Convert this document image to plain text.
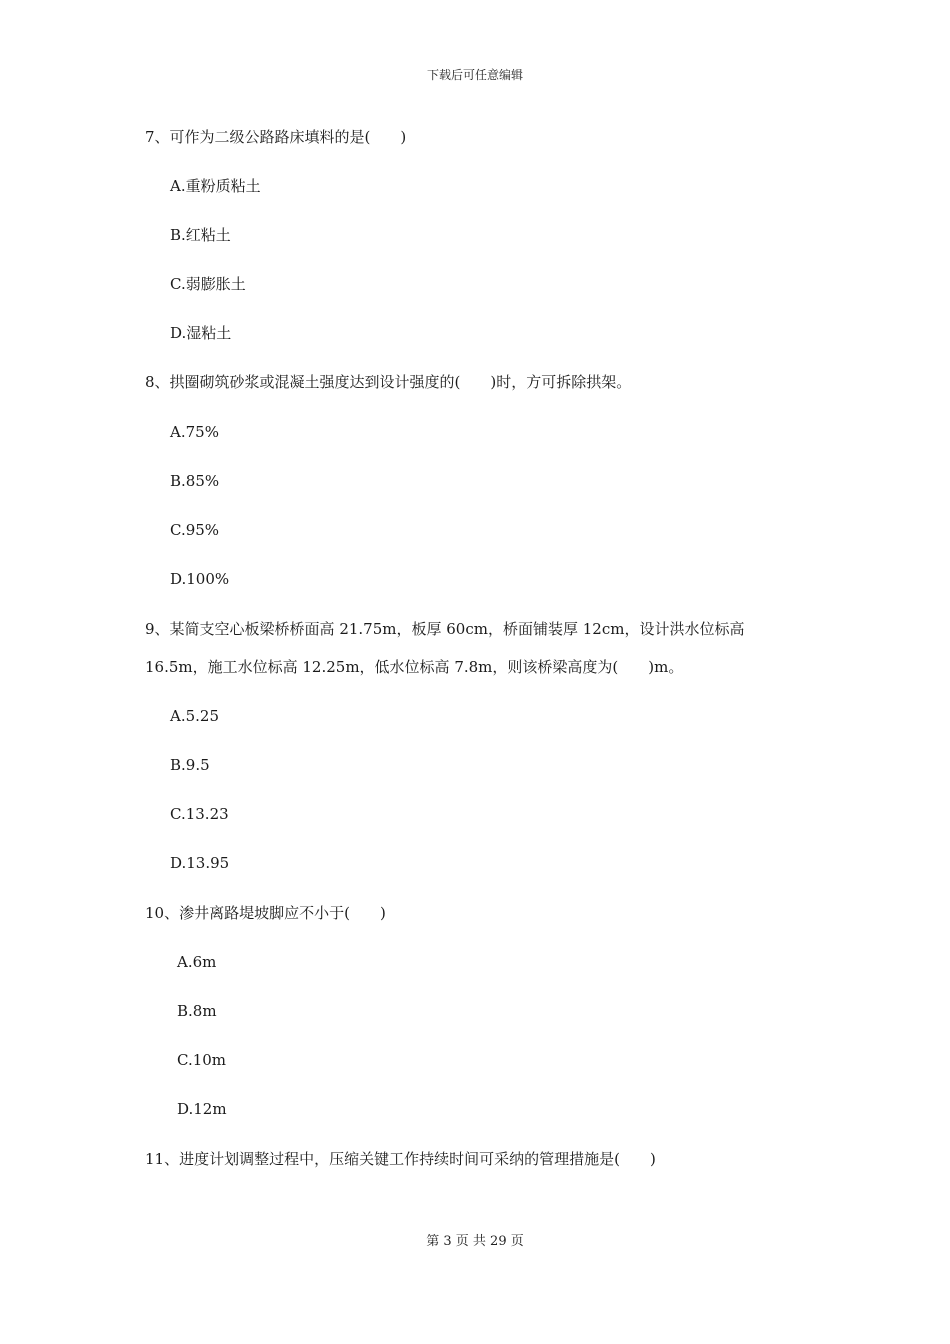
下载后可任意编辑
7、可作为二级公路路床填料的是(　　)
A.重粉质粘土
B.红粘土
C.弱膨胀土
D.湿粘土
8、拱圈砌筑砂浆或混凝土强度达到设计强度的(　　)时，方可拆除拱架。
A.75%
B.85%
C.95%
D.100%
9、某简支空心板梁桥桥面高 21.75m，板厚 60cm，桥面铺装厚 12cm，设计洪水位标高
16.5m，施工水位标高 12.25m，低水位标高 7.8m，则该桥梁高度为(　　)m。
A.5.25
B.9.5
C.13.23
D.13.95
10、渗井离路堤坡脚应不小于(　　)
A.6m
B.8m
C.10m
D.12m
11、进度计划调整过程中，压缩关键工作持续时间可采纳的管理措施是(　　)
第 3 页 共 29 页
